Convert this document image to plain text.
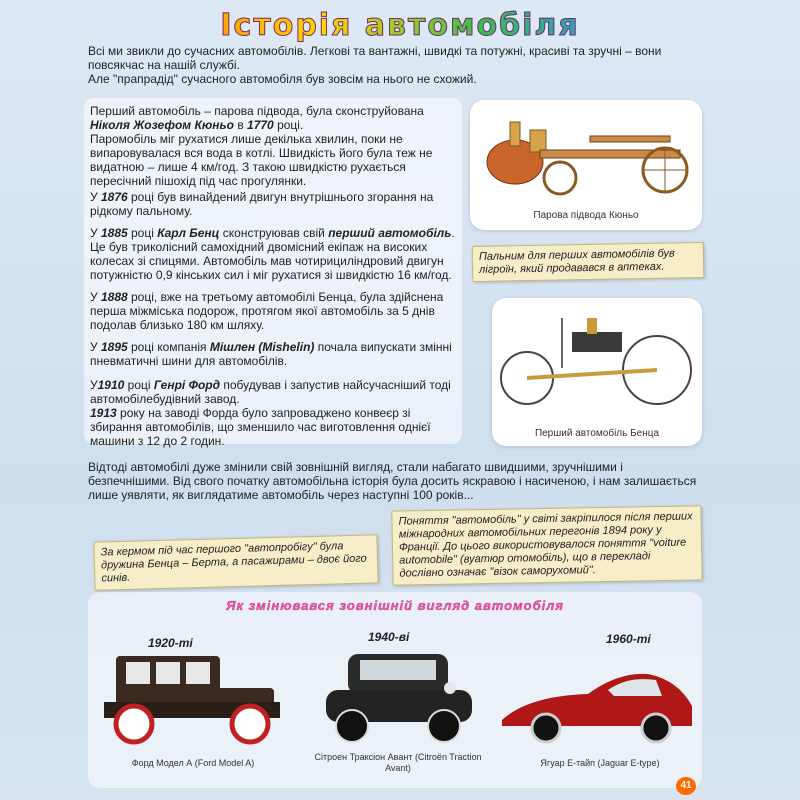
Історія автомобіля

Всі ми звикли до сучасних автомобілів. Легкові та вантажні, швидкі та потужні, красиві та зручні – вони повсякчас на нашій службі.
Але "прапрадід" сучасного автомобіля був зовсім на нього не схожий.

Перший автомобіль – парова підвода, була сконструйована Ніколя Жозефом Кюньо в 1770 році.
Паромобіль міг рухатися лише декілька хвилин, поки не випаровувалася вся вода в котлі. Швидкість його була теж не видатною – лише 4 км/год. З такою швидкістю рухається пересічний пішохід під час прогулянки.

У 1876 році був винайдений двигун внутрішнього згорання на рідкому пальному.

У 1885 році Карл Бенц сконструював свій перший автомобіль. Це був триколісний самохідний двомісний екіпаж на високих колесах зі спицями. Автомобіль мав чотирициліндровий двигун потужністю 0,9 кінських сил і міг рухатися зі швидкістю 16 км/год.

У 1888 році, вже на третьому автомобілі Бенца, була здійснена перша міжміська подорож, протягом якої автомобіль за 5 днів подолав близько 180 км шляху.

У 1895 році компанія Мішлен (Mishelin) почала випускати змінні пневматичні шини для автомобілів.

У1910 році Генрі Форд побудував і запустив найсучасніший тоді автомобілебудівний завод.
1913 року на заводі Форда було запроваджено конвеєр зі збирання автомобілів, що зменшило час виготовлення однієї машини з 12 до 2 годин.

Парова підвода Кюньо
Пальним для перших автомобілів був лігроїн, який продавався в аптеках.
Перший автомобіль Бенца

Відтоді автомобілі дуже змінили свій зовнішній вигляд, стали набагато швидшими, зручнішими і безпечнішими. Від свого початку автомобільна історія була досить яскравою і насиченою, і нам залишається лише уявляти, як виглядатиме автомобіль через наступні 100 років...

Поняття "автомобіль" у світі закріпилося після перших міжнародних автомобільних перегонів 1894 року у Франції. До цього використовувалося поняття "voiture automobile" (вуатюр отомобіль), що в перекладі дослівно означає "візок саморухомий".
За кермом під час першого "автопробігу" була дружина Бенца – Берта, а пасажирами – двоє його синів.
Як змінювався зовнішній вигляд автомобіля
1920-ті	1940-ві	1960-ті
Форд Модел А (Ford Model A)
Сітроен Траксіон Авант (Citroën Traction Avant)	Ягуар Е-тайп (Jaguar E-type)
41
